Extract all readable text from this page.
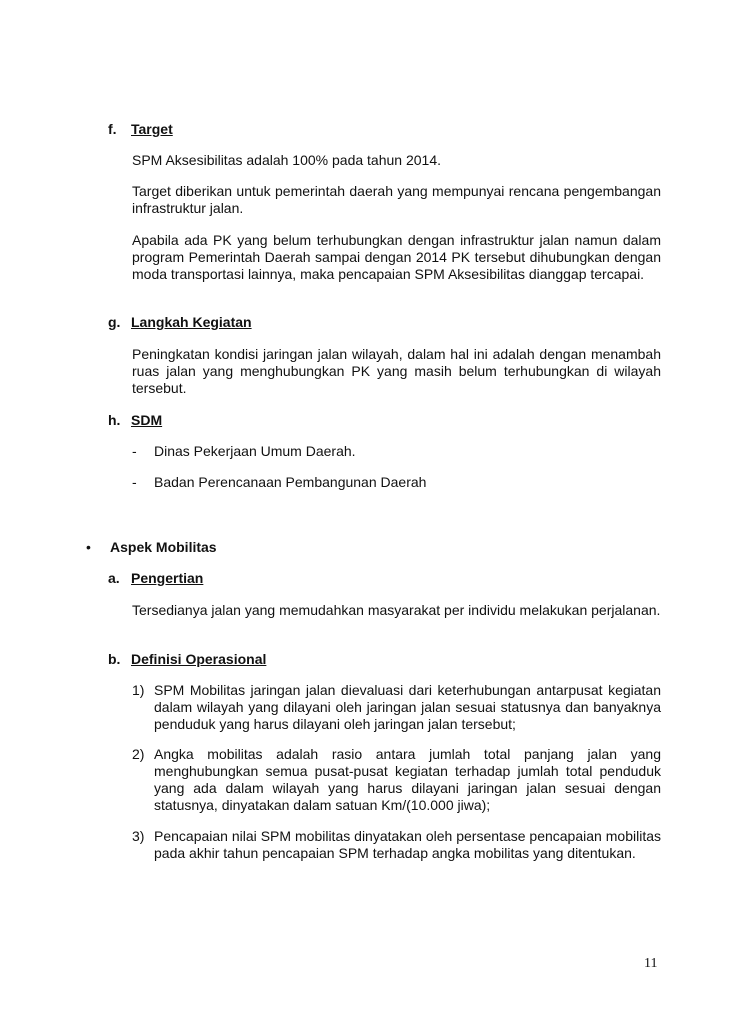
f. Target

SPM Aksesibilitas adalah 100% pada tahun 2014.

Target diberikan untuk pemerintah daerah yang mempunyai rencana pengembangan infrastruktur jalan.

Apabila ada PK yang belum terhubungkan dengan infrastruktur jalan namun dalam program Pemerintah Daerah sampai dengan 2014 PK tersebut dihubungkan dengan moda transportasi lainnya, maka pencapaian SPM Aksesibilitas dianggap tercapai.

g. Langkah Kegiatan

Peningkatan kondisi jaringan jalan wilayah, dalam hal ini adalah dengan menambah ruas jalan yang menghubungkan PK yang masih belum terhubungkan di wilayah tersebut.

h. SDM
- Dinas Pekerjaan Umum Daerah.
- Badan Perencanaan Pembangunan Daerah
• Aspek Mobilitas
a. Pengertian

Tersedianya jalan yang memudahkan masyarakat per individu melakukan perjalanan.

b. Definisi Operasional
1) SPM Mobilitas jaringan jalan dievaluasi dari keterhubungan antarpusat kegiatan dalam wilayah yang dilayani oleh jaringan jalan sesuai statusnya dan banyaknya penduduk yang harus dilayani oleh jaringan jalan tersebut;
2) Angka mobilitas adalah rasio antara jumlah total panjang jalan yang menghubungkan semua pusat-pusat kegiatan terhadap jumlah total penduduk yang ada dalam wilayah yang harus dilayani jaringan jalan sesuai dengan statusnya, dinyatakan dalam satuan Km/(10.000 jiwa);
3) Pencapaian nilai SPM mobilitas dinyatakan oleh persentase pencapaian mobilitas pada akhir tahun pencapaian SPM terhadap angka mobilitas yang ditentukan.
11
